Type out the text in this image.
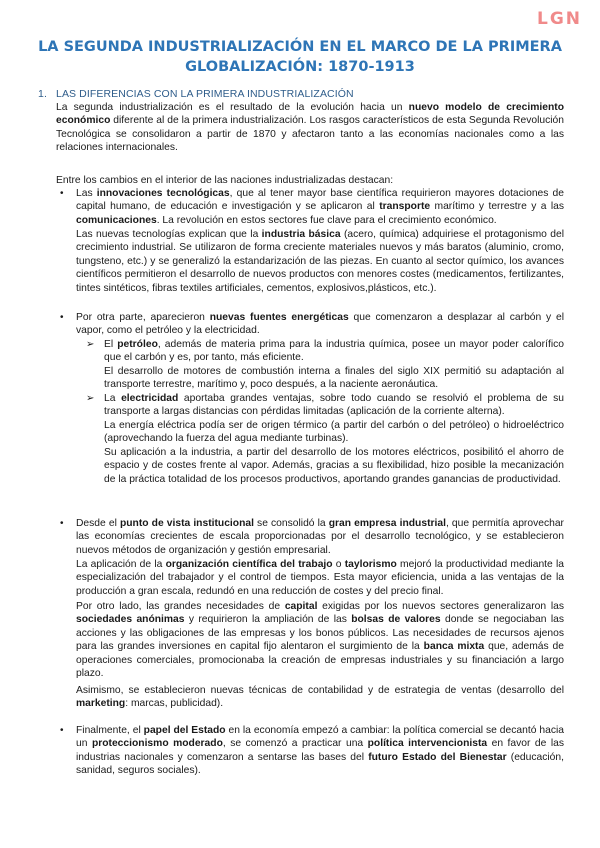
LGN
LA SEGUNDA INDUSTRIALIZACIÓN EN EL MARCO DE LA PRIMERA
GLOBALIZACIÓN: 1870-1913
1. LAS DIFERENCIAS CON LA PRIMERA INDUSTRIALIZACIÓN
La segunda industrialización es el resultado de la evolución hacia un nuevo modelo de crecimiento económico diferente al de la primera industrialización. Los rasgos característicos de esta Segunda Revolución Tecnológica se consolidaron a partir de 1870 y afectaron tanto a las economías nacionales como a las relaciones internacionales.
Entre los cambios en el interior de las naciones industrializadas destacan:
• Las innovaciones tecnológicas, que al tener mayor base científica requirieron mayores dotaciones de capital humano, de educación e investigación y se aplicaron al transporte marítimo y terrestre y a las comunicaciones. La revolución en estos sectores fue clave para el crecimiento económico.
Las nuevas tecnologías explican que la industria básica (acero, química) adquiriese el protagonismo del crecimiento industrial. Se utilizaron de forma creciente materiales nuevos y más baratos (aluminio, cromo, tungsteno, etc.) y se generalizó la estandarización de las piezas. En cuanto al sector químico, los avances científicos permitieron el desarrollo de nuevos productos con menores costes (medicamentos, fertilizantes, tintes sintéticos, fibras textiles artificiales, cementos, explosivos,plásticos, etc.).
• Por otra parte, aparecieron nuevas fuentes energéticas que comenzaron a desplazar al carbón y el vapor, como el petróleo y la electricidad.
➢ El petróleo, además de materia prima para la industria química, posee un mayor poder calorífico que el carbón y es, por tanto, más eficiente.
El desarrollo de motores de combustión interna a finales del siglo XIX permitió su adaptación al transporte terrestre, marítimo y, poco después, a la naciente aeronáutica.
➢ La electricidad aportaba grandes ventajas, sobre todo cuando se resolvió el problema de su transporte a largas distancias con pérdidas limitadas (aplicación de la corriente alterna).
La energía eléctrica podía ser de origen térmico (a partir del carbón o del petróleo) o hidroeléctrico (aprovechando la fuerza del agua mediante turbinas).
Su aplicación a la industria, a partir del desarrollo de los motores eléctricos, posibilitó el ahorro de espacio y de costes frente al vapor. Además, gracias a su flexibilidad, hizo posible la mecanización de la práctica totalidad de los procesos productivos, aportando grandes ganancias de productividad.
• Desde el punto de vista institucional se consolidó la gran empresa industrial, que permitía aprovechar las economías crecientes de escala proporcionadas por el desarrollo tecnológico, y se establecieron nuevos métodos de organización y gestión empresarial.
La aplicación de la organización científica del trabajo o taylorismo mejoró la productividad mediante la especialización del trabajador y el control de tiempos. Esta mayor eficiencia, unida a las ventajas de la producción a gran escala, redundó en una reducción de costes y del precio final.
Por otro lado, las grandes necesidades de capital exigidas por los nuevos sectores generalizaron las sociedades anónimas y requirieron la ampliación de las bolsas de valores donde se negociaban las acciones y las obligaciones de las empresas y los bonos públicos. Las necesidades de recursos ajenos para las grandes inversiones en capital fijo alentaron el surgimiento de la banca mixta que, además de operaciones comerciales, promocionaba la creación de empresas industriales y su financiación a largo plazo.
Asimismo, se establecieron nuevas técnicas de contabilidad y de estrategia de ventas (desarrollo del marketing: marcas, publicidad).
• Finalmente, el papel del Estado en la economía empezó a cambiar: la política comercial se decantó hacia un proteccionismo moderado, se comenzó a practicar una política intervencionista en favor de las industrias nacionales y comenzaron a sentarse las bases del futuro Estado del Bienestar (educación, sanidad, seguros sociales).
